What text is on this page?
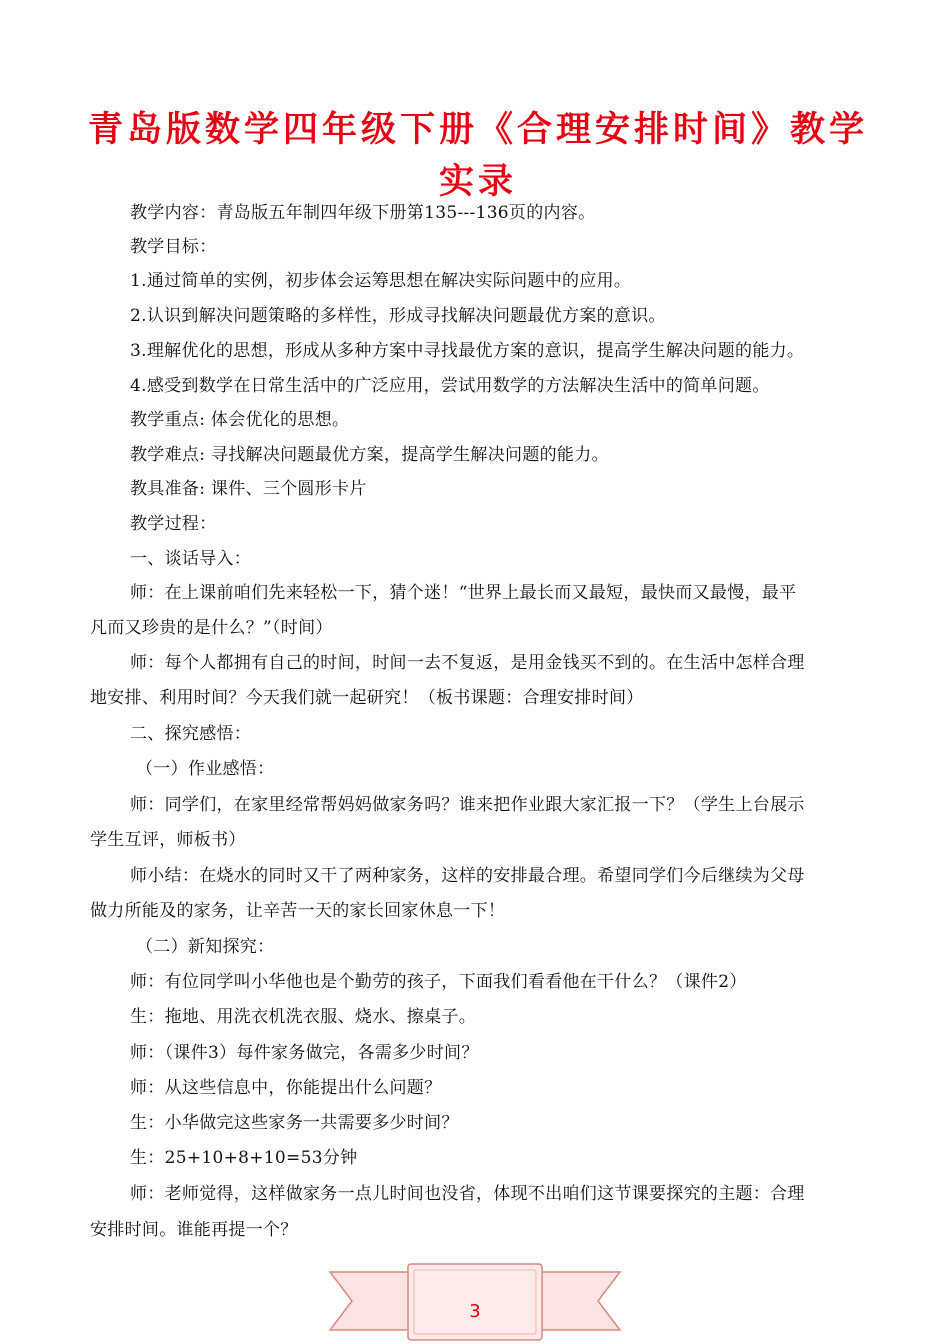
青岛版数学四年级下册《合理安排时间》教学
实录
教学内容：青岛版五年制四年级下册第135---136页的内容。
教学目标：
1.通过简单的实例，初步体会运筹思想在解决实际问题中的应用。
2.认识到解决问题策略的多样性，形成寻找解决问题最优方案的意识。
3.理解优化的思想，形成从多种方案中寻找最优方案的意识，提高学生解决问题的能力。
4.感受到数学在日常生活中的广泛应用，尝试用数学的方法解决生活中的简单问题。
教学重点: 体会优化的思想。
教学难点: 寻找解决问题最优方案，提高学生解决问题的能力。
教具准备: 课件、三个圆形卡片
教学过程：
一、谈话导入：
师：在上课前咱们先来轻松一下，猜个迷！“世界上最长而又最短，最快而又最慢，最平
凡而又珍贵的是什么？”（时间）
师：每个人都拥有自己的时间，时间一去不复返，是用金钱买不到的。在生活中怎样合理
地安排、利用时间？今天我们就一起研究！（板书课题：合理安排时间）
二、探究感悟：
（一）作业感悟：
师：同学们，在家里经常帮妈妈做家务吗？谁来把作业跟大家汇报一下？（学生上台展示
学生互评，师板书）
师小结：在烧水的同时又干了两种家务，这样的安排最合理。希望同学们今后继续为父母
做力所能及的家务，让辛苦一天的家长回家休息一下！
（二）新知探究：
师：有位同学叫小华他也是个勤劳的孩子，下面我们看看他在干什么？（课件2）
生：拖地、用洗衣机洗衣服、烧水、擦桌子。
师：（课件3）每件家务做完，各需多少时间？
师：从这些信息中，你能提出什么问题？
生：小华做完这些家务一共需要多少时间？
生：25+10+8+10=53分钟
师：老师觉得，这样做家务一点儿时间也没省，体现不出咱们这节课要探究的主题：合理
安排时间。谁能再提一个？
3
